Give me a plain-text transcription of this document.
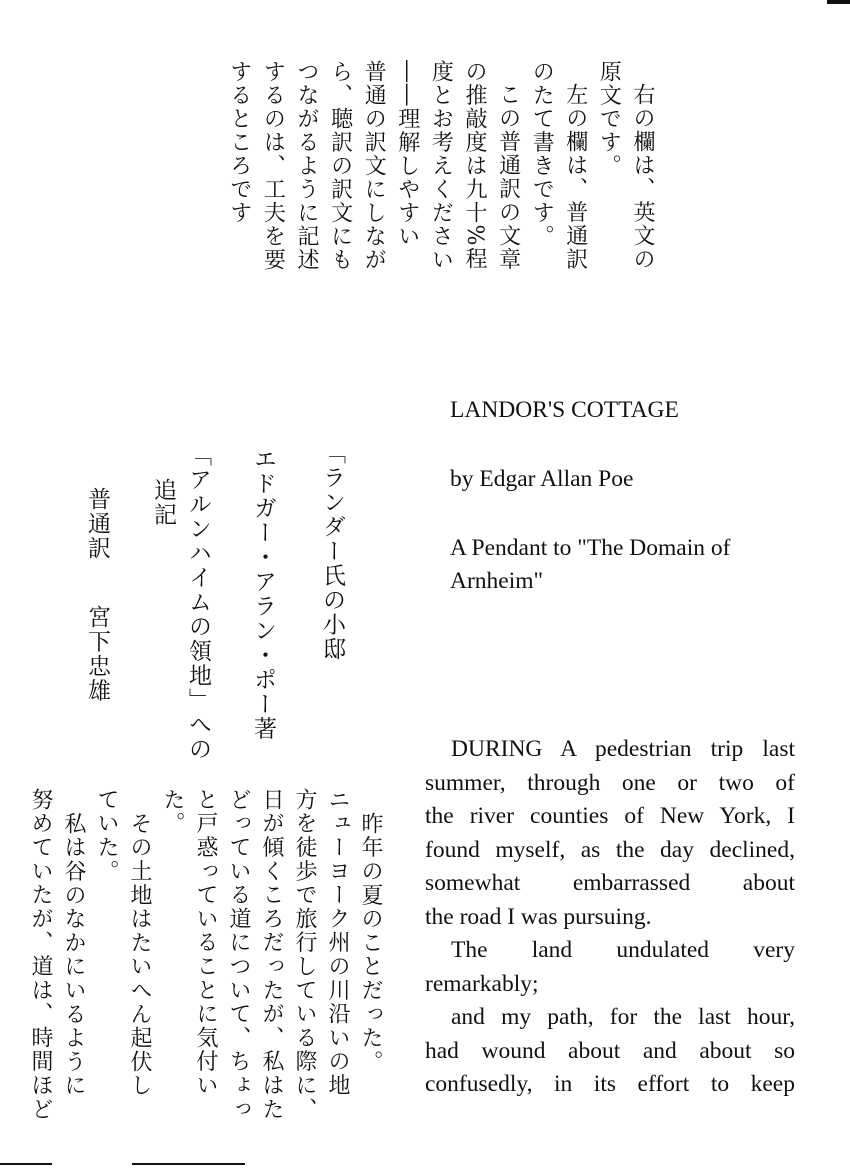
右の欄は、英文の
原文です。
左の欄は、普通訳
のたて書きです。
この普通訳の文章
の推敲度は九十%程
度とお考えください
――理解しやすい
普通の訳文にしなが
ら、聴訳の訳文にも
つながるように記述
するのは、工夫を要
するところです
「ランダー氏の小邸
エドガー・アラン・ポー著
「アルンハイムの領地」への
追記
普通訳
宮下忠雄
昨年の夏のことだった。
ニューヨーク州の川沿いの地
方を徒歩で旅行している際に、
日が傾くころだったが、私はた
どっている道について、ちょっ
と戸惑っていることに気付い
た。
その土地はたいへん起伏し
ていた。
私は谷のなかにいるように
努めていたが、道は、時間ほど
LANDOR'S COTTAGE
by Edgar Allan Poe
A Pendant to "The Domain of
Arnheim"
DURING A pedestrian trip last
summer, through one or two of
the river counties of New York, I
found myself, as the day declined,
somewhat embarrassed about
the road I was pursuing.
The land undulated very
remarkably;
and my path, for the last hour,
had wound about and about so
confusedly, in its effort to keep
